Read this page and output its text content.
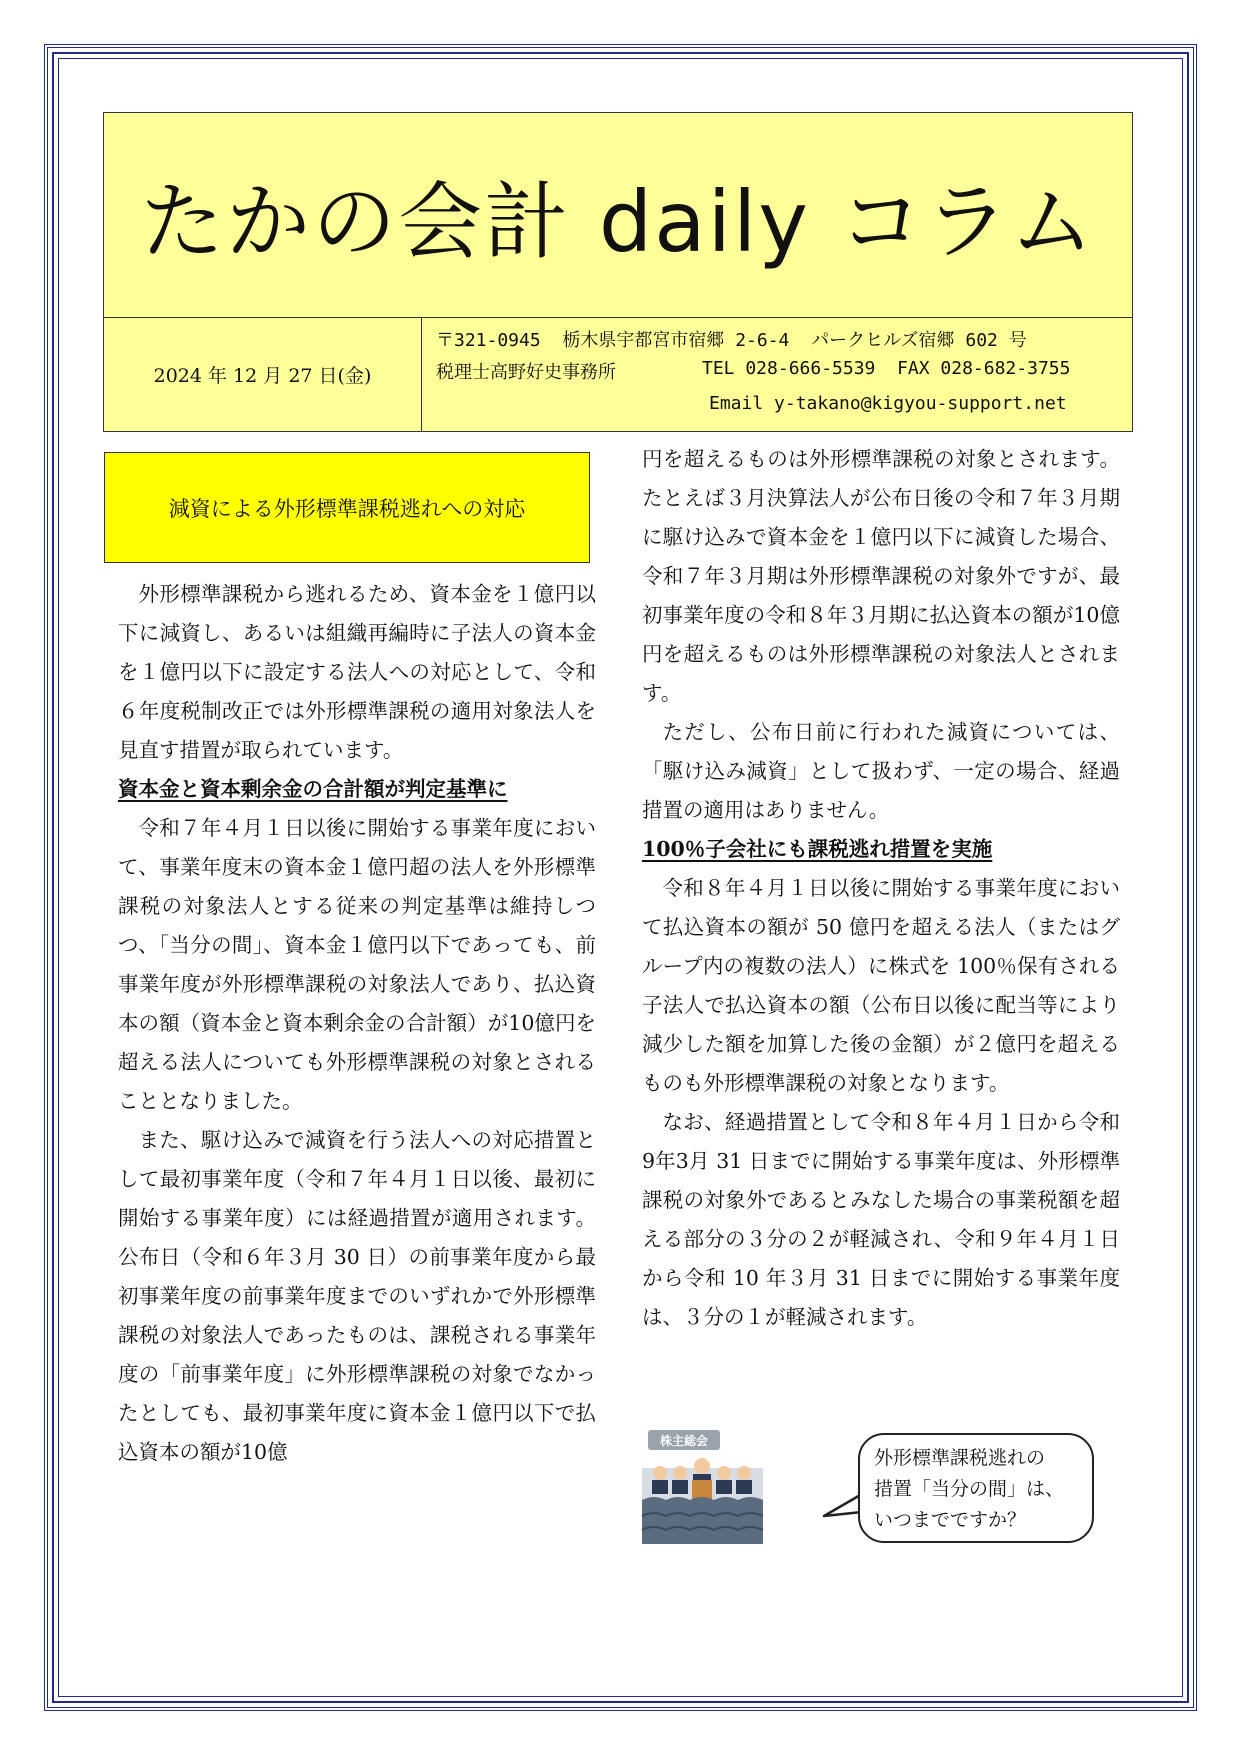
たかの会計 daily コラム
2024 年 12 月 27 日(金)
〒321-0945  栃木県宇都宮市宿郷 2-6-4  パークヒルズ宿郷 602 号
税理士高野好史事務所	TEL 028-666-5539  FAX 028-682-3755
Email y-takano@kigyou-support.net
減資による外形標準課税逃れへの対応

外形標準課税から逃れるため、資本金を１億円以下に減資し、あるいは組織再編時に子法人の資本金を１億円以下に設定する法人への対応として、令和６年度税制改正では外形標準課税の適用対象法人を見直す措置が取られています。

資本金と資本剰余金の合計額が判定基準に

令和７年４月１日以後に開始する事業年度において、事業年度末の資本金１億円超の法人を外形標準課税の対象法人とする従来の判定基準は維持しつつ、「当分の間」、資本金１億円以下であっても、前事業年度が外形標準課税の対象法人であり、払込資本の額（資本金と資本剰余金の合計額）が10億円を超える法人についても外形標準課税の対象とされることとなりました。

また、駆け込みで減資を行う法人への対応措置として最初事業年度（令和７年４月１日以後、最初に開始する事業年度）には経過措置が適用されます。公布日（令和６年３月 30 日）の前事業年度から最初事業年度の前事業年度までのいずれかで外形標準課税の対象法人であったものは、課税される事業年度の「前事業年度」に外形標準課税の対象でなかったとしても、最初事業年度に資本金１億円以下で払込資本の額が10億

円を超えるものは外形標準課税の対象とされます。たとえば３月決算法人が公布日後の令和７年３月期に駆け込みで資本金を１億円以下に減資した場合、令和７年３月期は外形標準課税の対象外ですが、最初事業年度の令和８年３月期に払込資本の額が10億円を超えるものは外形標準課税の対象法人とされます。

ただし、公布日前に行われた減資については、「駆け込み減資」として扱わず、一定の場合、経過措置の適用はありません。

100％子会社にも課税逃れ措置を実施

令和８年４月１日以後に開始する事業年度において払込資本の額が 50 億円を超える法人（またはグループ内の複数の法人）に株式を 100％保有される子法人で払込資本の額（公布日以後に配当等により減少した額を加算した後の金額）が２億円を超えるものも外形標準課税の対象となります。

なお、経過措置として令和８年４月１日から令和9年3月 31 日までに開始する事業年度は、外形標準課税の対象外であるとみなした場合の事業税額を超える部分の３分の２が軽減され、令和９年４月１日から令和 10 年３月 31 日までに開始する事業年度は、３分の１が軽減されます。

株主総会
外形標準課税逃れの
措置「当分の間」は、
いつまでですか？
